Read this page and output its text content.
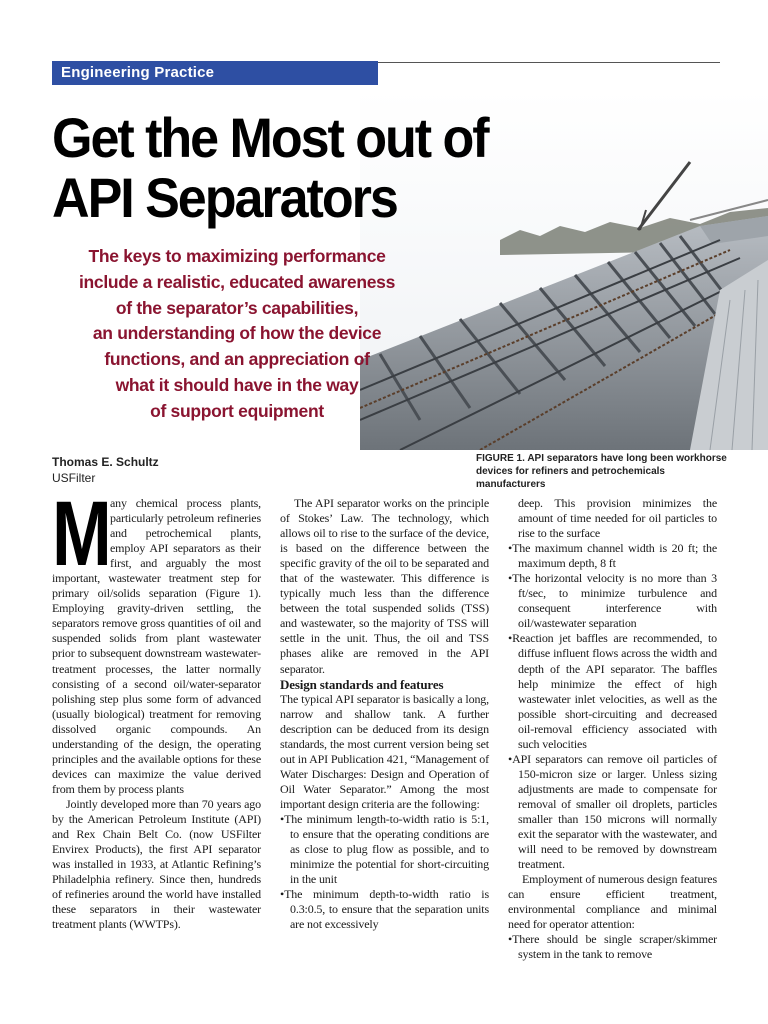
Engineering Practice
Get the Most out of
API Separators
The keys to maximizing performance
include a realistic, educated awareness
of the separator’s capabilities,
an understanding of how the device
functions, and an appreciation of
what it should have in the way
of support equipment
Thomas E. Schultz
USFilter
FIGURE 1. API separators have long been workhorse devices for refiners and petrochemicals manufacturers
M

any chemical process plants, particularly petroleum refineries and petrochemical plants, employ API separators as their first, and arguably the most important, wastewater treatment step for primary oil/solids separation (Figure 1). Employing gravity-driven settling, the separators remove gross quantities of oil and suspended solids from plant wastewater prior to subsequent downstream wastewater-treatment processes, the latter normally consisting of a second oil/water-separator polishing step plus some form of advanced (usually biological) treatment for removing dissolved organic compounds. An understanding of the design, the operating principles and the available options for these devices can maximize the value derived from them by process plants

Jointly developed more than 70 years ago by the American Petroleum Institute (API) and Rex Chain Belt Co. (now USFilter Envirex Products), the first API separator was installed in 1933, at Atlantic Refining’s Philadelphia refinery. Since then, hundreds of refineries around the world have installed these separators in their wastewater treatment plants (WWTPs).

The API separator works on the principle of Stokes’ Law. The technology, which allows oil to rise to the surface of the device, is based on the difference between the specific gravity of the oil to be separated and that of the wastewater. This difference is typically much less than the difference between the total suspended solids (TSS) and wastewater, so the majority of TSS will settle in the unit. Thus, the oil and TSS phases alike are removed in the API separator.

Design standards and features

The typical API separator is basically a long, narrow and shallow tank. A further description can be deduced from its design standards, the most current version being set out in API Publication 421, “Management of Water Discharges: Design and Operation of Oil Water Separator.” Among the most important design criteria are the following:

• The minimum length-to-width ratio is 5:1, to ensure that the operating conditions are as close to plug flow as possible, and to minimize the potential for short-circuiting in the unit
• The minimum depth-to-width ratio is 0.3:0.5, to ensure that the separation units are not excessively

deep. This provision minimizes the amount of time needed for oil particles to rise to the surface

• The maximum channel width is 20 ft; the maximum depth, 8 ft
• The horizontal velocity is no more than 3 ft/sec, to minimize turbulence and consequent interference with oil/wastewater separation
• Reaction jet baffles are recommended, to diffuse influent flows across the width and depth of the API separator. The baffles help minimize the effect of high wastewater inlet velocities, as well as the possible short-circuiting and decreased oil-removal efficiency associated with such velocities
• API separators can remove oil particles of 150-micron size or larger. Unless sizing adjustments are made to compensate for removal of smaller oil droplets, particles smaller than 150 microns will normally exit the separator with the wastewater, and will need to be removed by downstream treatment.

Employment of numerous design features can ensure efficient treatment, environmental compliance and minimal need for operator attention:

• There should be single scraper/skimmer system in the tank to remove
